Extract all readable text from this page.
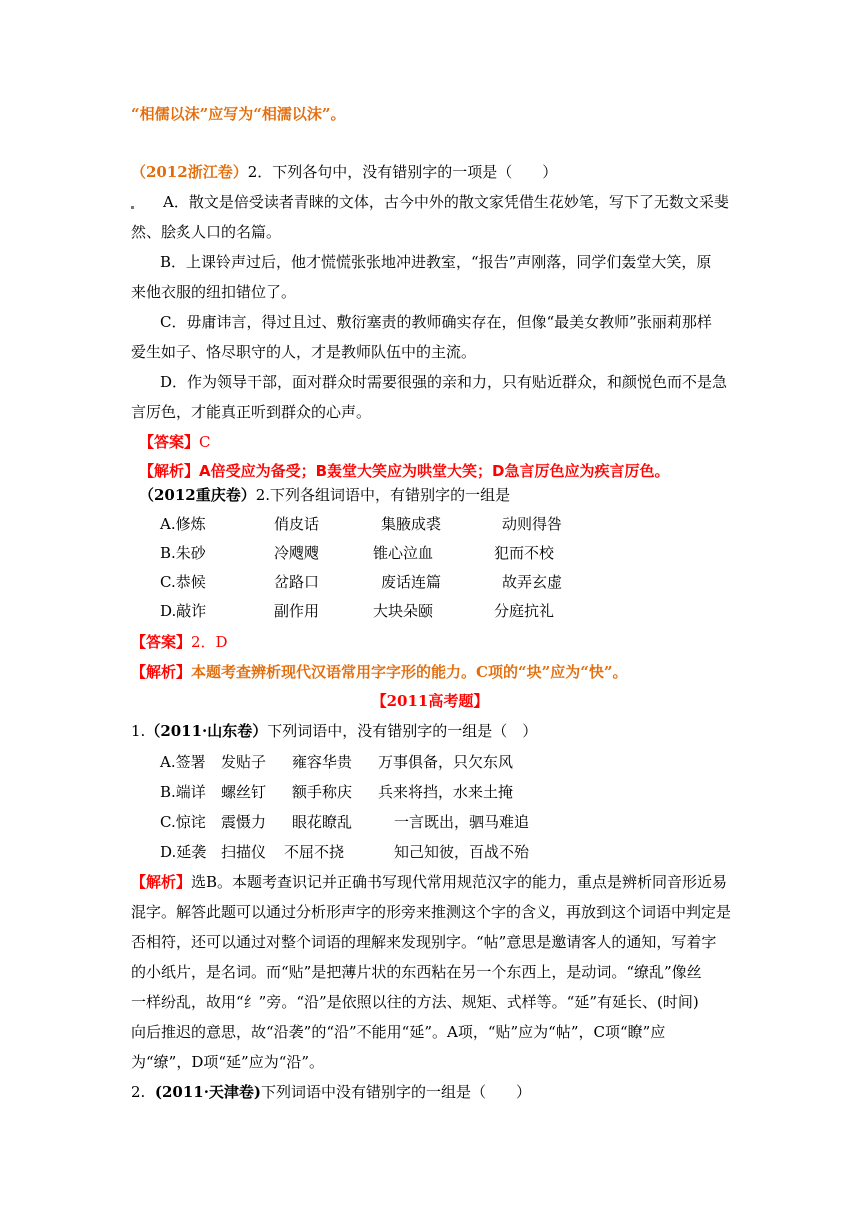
“相儒以沫”应写为“相濡以沫”。
（2012浙江卷）2．下列各句中，没有错别字的一项是（　　）
A．散文是倍受读者青睐的文体，古今中外的散文家凭借生花妙笔，写下了无数文采斐
然、脍炙人口的名篇。
B．上课铃声过后，他才慌慌张张地冲进教室，“报告”声刚落，同学们轰堂大笑，原
来他衣服的纽扣错位了。
C．毋庸讳言，得过且过、敷衍塞责的教师确实存在，但像“最美女教师”张丽莉那样
爱生如子、恪尽职守的人，才是教师队伍中的主流。
D．作为领导干部，面对群众时需要很强的亲和力，只有贴近群众，和颜悦色而不是急
言厉色，才能真正听到群众的心声。
【答案】C
【解析】A倍受应为备受；B轰堂大笑应为哄堂大笑；D急言厉色应为疾言厉色。
（2012重庆卷）2.下列各组词语中，有错别字的一组是
A.修炼	俏皮话	集腋成裘	动则得咎
B.朱砂	冷飕飕	锥心泣血	犯而不校
C.恭候	岔路口	废话连篇	故弄玄虚
D.敲诈	副作用	大块朵颐	分庭抗礼
【答案】2．D
【解析】本题考查辨析现代汉语常用字字形的能力。C项的“块”应为“快”。
【2011高考题】
1.（2011·山东卷）下列词语中，没有错别字的一组是（　）
A.签署 发贴子 雍容华贵 万事俱备，只欠东风
B.端详 螺丝钉 额手称庆 兵来将挡，水来土掩
C.惊诧 震慑力 眼花瞭乱	一言既出，驷马难追
D.延袭 扫描仪 不屈不挠	知己知彼，百战不殆
【解析】选B。本题考查识记并正确书写现代常用规范汉字的能力，重点是辨析同音形近易
混字。解答此题可以通过分析形声字的形旁来推测这个字的含义，再放到这个词语中判定是
否相符，还可以通过对整个词语的理解来发现别字。“帖”意思是邀请客人的通知，写着字
的小纸片，是名词。而“贴”是把薄片状的东西粘在另一个东西上，是动词。“缭乱”像丝
一样纷乱，故用“纟”旁。“沿”是依照以往的方法、规矩、式样等。“延”有延长、(时间)
向后推迟的意思，故“沿袭”的“沿”不能用“延”。A项，“贴”应为“帖”，C项“瞭”应
为“缭”，D项“延”应为“沿”。
2. (2011·天津卷)下列词语中没有错别字的一组是（　　）
